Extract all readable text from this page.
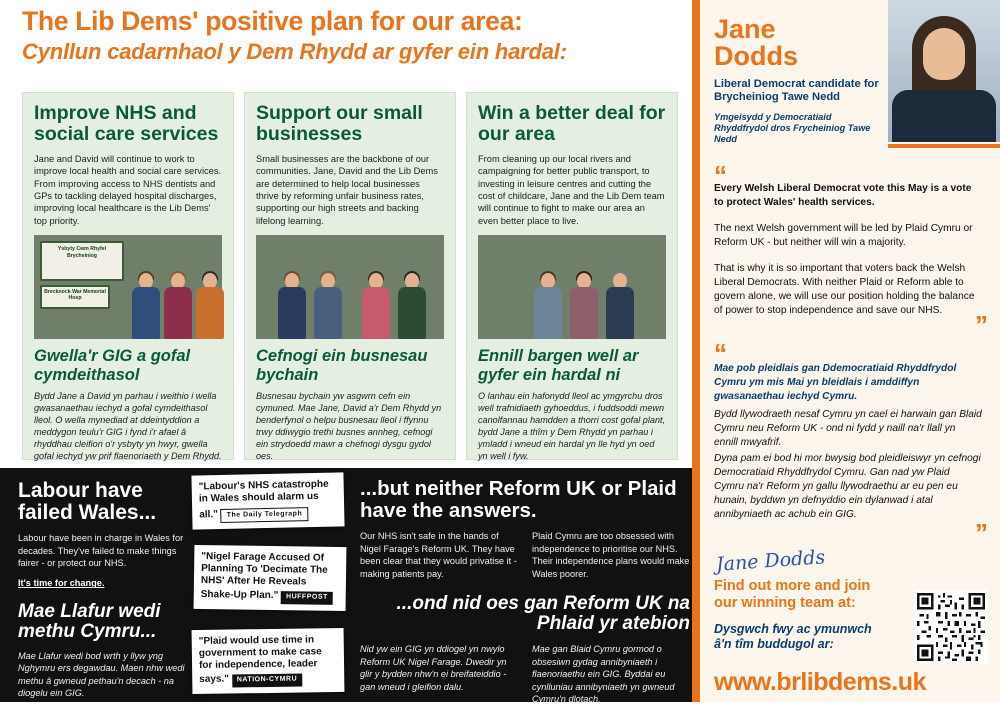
The Lib Dems' positive plan for our area:
Cynllun cadarnhaol y Dem Rhydd ar gyfer ein hardal:
Improve NHS and social care services
Jane and David will continue to work to improve local health and social care services. From improving access to NHS dentists and GPs to tackling delayed hospital discharges, improving local healthcare is the Lib Dems' top priority.
Ysbyty Cwm Rhyfel Brycheiniog
Brecknock War Memorial Hosp
Gwella'r GIG a gofal cymdeithasol
Bydd Jane a David yn parhau i weithio i wella gwasanaethau iechyd a gofal cymdeithasol lleol. O wella mynediad at ddeintyddion a meddygon teulu'r GIG i fynd i'r afael â rhyddhau cleifion o'r ysbyty yn hwyr, gwella gofal iechyd yw prif flaenoriaeth y Dem Rhydd.
Support our small businesses
Small businesses are the backbone of our communities. Jane, David and the Lib Dems are determined to help local businesses thrive by reforming unfair business rates, supporting our high streets and backing lifelong learning.
Cefnogi ein busnesau bychain
Busnesau bychain yw asgwrn cefn ein cymuned. Mae Jane, David a'r Dem Rhydd yn benderfynol o helpu busnesau lleol i ffynnu trwy ddiwygio trethi busnes annheg, cefnogi ein strydoedd mawr a chefnogi dysgu gydol oes.
Win a better deal for our area
From cleaning up our local rivers and campaigning for better public transport, to investing in leisure centres and cutting the cost of childcare, Jane and the Lib Dem team will continue to fight to make our area an even better place to live.
Ennill bargen well ar gyfer ein hardal ni
O lanhau ein hafonydd lleol ac ymgyrchu dros well trafnidiaeth gyhoeddus, i fuddsoddi mewn canolfannau hamdden a thorri cost gofal plant, bydd Jane a thîm y Dem Rhydd yn parhau i ymladd i wneud ein hardal yn lle hyd yn oed yn well i fyw.
Labour have failed Wales...

Labour have been in charge in Wales for decades. They've failed to make things fairer - or protect our NHS.

It's time for change.

Mae Llafur wedi methu Cymru...

Mae Llafur wedi bod wrth y llyw yng Nghymru ers degawdau. Maen nhw wedi methu â gwneud pethau'n decach - na diogelu ein GIG.

Mae'n bryd am newid.

"Labour's NHS catastrophe in Wales should alarm us all." The Daily Telegraph
"Nigel Farage Accused Of Planning To 'Decimate The NHS' After He Reveals Shake-Up Plan." HUFFPOST
"Plaid would use time in government to make case for independence, leader says." NATION-CYMRU
...but neither Reform UK or Plaid have the answers.

Our NHS isn't safe in the hands of Nigel Farage's Reform UK. They have been clear that they would privatise it - making patients pay.

Plaid Cymru are too obsessed with independence to prioritise our NHS. Their independence plans would make Wales poorer.

...ond nid oes gan Reform UK na Phlaid yr atebion

Nid yw ein GIG yn ddiogel yn nwylo Reform UK Nigel Farage. Dwedir yn glir y bydden nhw'n ei breifateiddio - gan wneud i gleifion dalu.

Mae gan Blaid Cymru gormod o obsesiwn gydag annibyniaeth i flaenoriaethu ein GIG. Byddai eu cynlluniau annibyniaeth yn gwneud Cymru'n dlotach.

Jane Dodds
Liberal Democrat candidate for Brycheiniog Tawe Nedd
Ymgeisydd y Democratiaid Rhyddfrydol dros Frycheiniog Tawe Nedd
“
Every Welsh Liberal Democrat vote this May is a vote to protect Wales' health services.
The next Welsh government will be led by Plaid Cymru or Reform UK - but neither will win a majority.
That is why it is so important that voters back the Welsh Liberal Democrats. With neither Plaid or Reform able to govern alone, we will use our position holding the balance of power to stop independence and save our NHS.	”
“
Mae pob pleidlais gan Ddemocratiaid Rhyddfrydol Cymru ym mis Mai yn bleidlais i amddiffyn gwasanaethau iechyd Cymru.
Bydd llywodraeth nesaf Cymru yn cael ei harwain gan Blaid Cymru neu Reform UK - ond ni fydd y naill na'r llall yn ennill mwyafrif.
Dyna pam ei bod hi mor bwysig bod pleidleiswyr yn cefnogi Democratiaid Rhyddfrydol Cymru. Gan nad yw Plaid Cymru na'r Reform yn gallu llywodraethu ar eu pen eu hunain, byddwn yn defnyddio ein dylanwad i atal annibyniaeth ac achub ein GIG.
”
Jane Dodds
Find out more and join our winning team at:
Dysgwch fwy ac ymunwch â'n tîm buddugol ar:
www.brlibdems.uk
